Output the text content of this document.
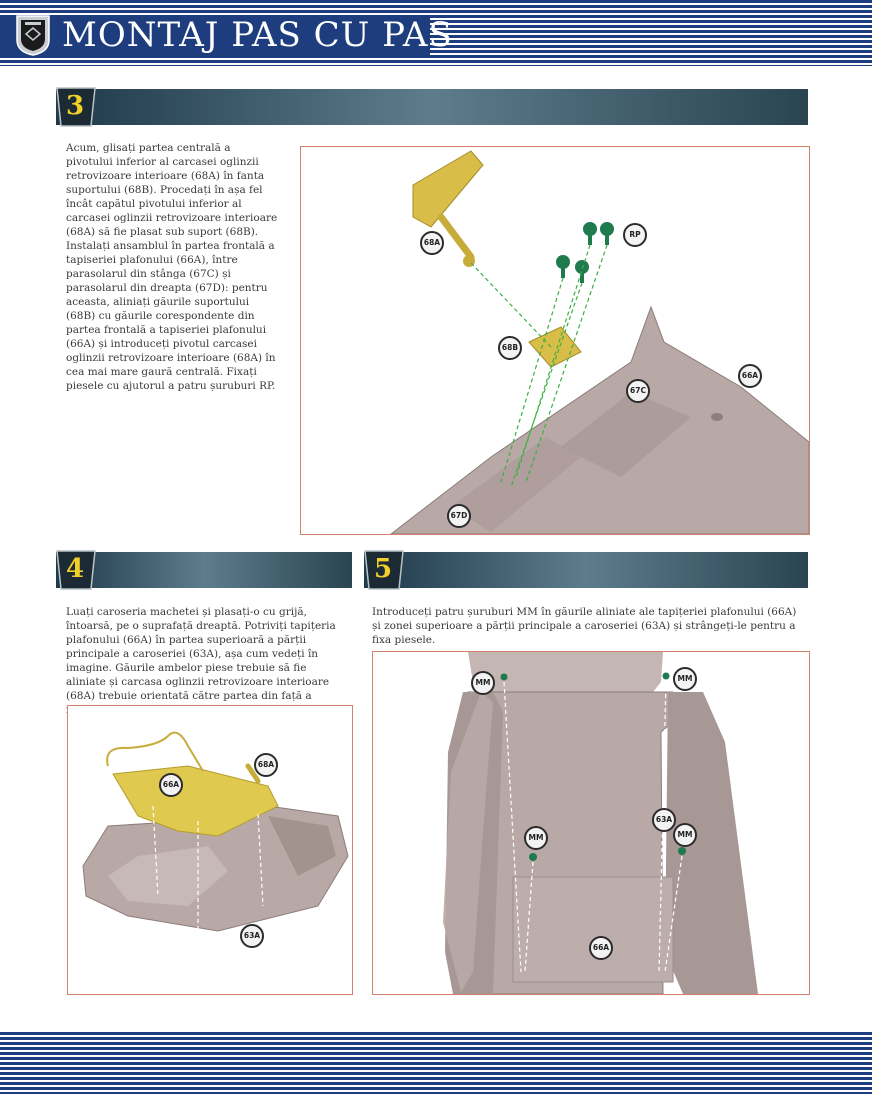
MONTAJ PAS CU PAS
3
Acum, glisați partea centrală a pivotului inferior al carcasei oglinzii retrovizoare interioare (68A) în fanta suportului (68B). Procedați în așa fel încât capătul pivotului inferior al carcasei oglinzii retrovizoare interioare (68A) să fie plasat sub suport (68B). Instalați ansamblul în partea frontală a tapiseriei plafonului (66A), între parasolarul din stânga (67C) și parasolarul din dreapta (67D): pentru aceasta, aliniați găurile suportului (68B) cu găurile corespondente din partea frontală a tapiseriei plafonului (66A) și introduceți pivotul carcasei oglinzii retrovizoare interioare (68A) în cea mai mare gaură centrală. Fixați piesele cu ajutorul a patru șuruburi RP.
68A
RP
68B
67C
66A
67D
4
Luați caroseria machetei și plasați-o cu grijă, întoarsă, pe o suprafață dreaptă. Potriviți tapițeria plafonului (66A) în partea superioară a părții principale a caroseriei (63A), așa cum vedeți în imagine. Găurile ambelor piese trebuie să fie aliniate și carcasa oglinzii retrovizoare interioare (68A) trebuie orientată către partea din față a
68A
66A
63A
5
Introduceți patru șuruburi MM în găurile aliniate ale tapițeriei plafonului (66A) și zonei superioare a părții principale a caroseriei (63A) și strângeți-le pentru a fixa piesele.
MM	MM
MM	MM
63A
66A
